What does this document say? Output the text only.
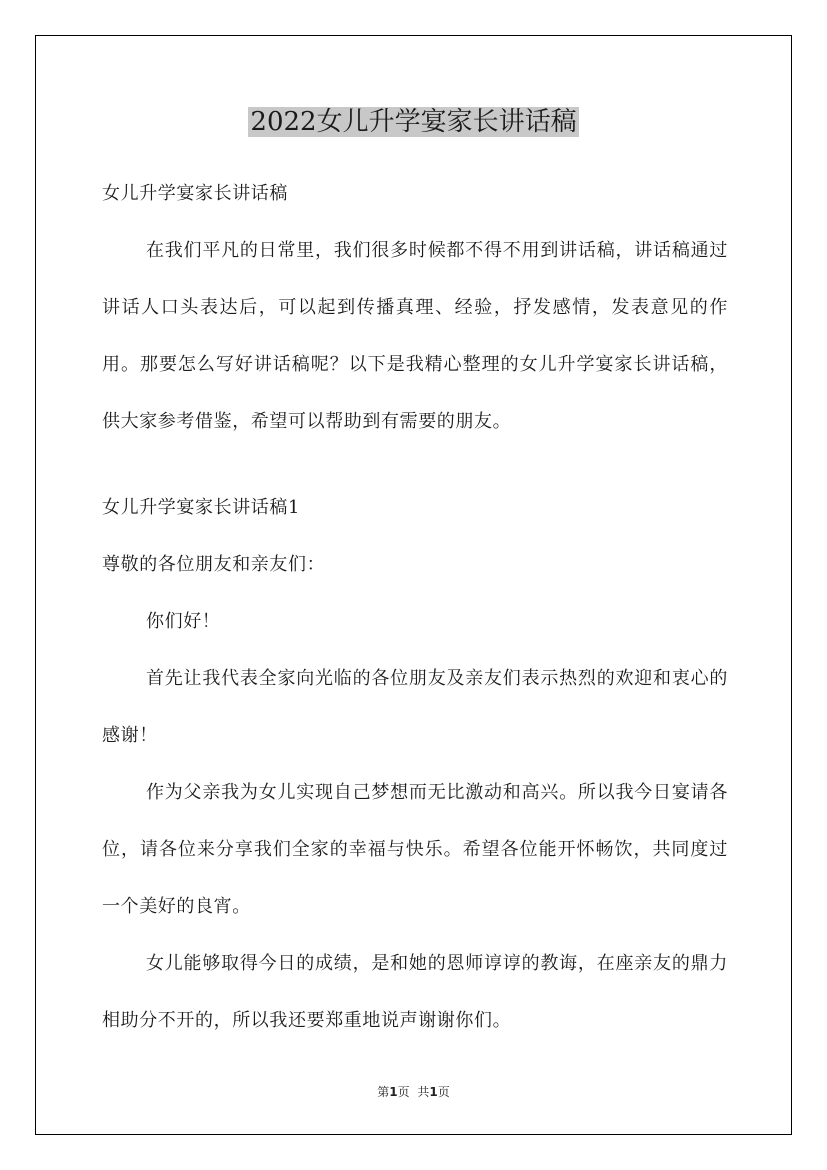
2022女儿升学宴家长讲话稿

女儿升学宴家长讲话稿

在我们平凡的日常里，我们很多时候都不得不用到讲话稿，讲话稿通过讲话人口头表达后，可以起到传播真理、经验，抒发感情，发表意见的作用。那要怎么写好讲话稿呢？以下是我精心整理的女儿升学宴家长讲话稿，供大家参考借鉴，希望可以帮助到有需要的朋友。

女儿升学宴家长讲话稿1

尊敬的各位朋友和亲友们：

你们好！

首先让我代表全家向光临的各位朋友及亲友们表示热烈的欢迎和衷心的感谢！

作为父亲我为女儿实现自己梦想而无比激动和高兴。所以我今日宴请各位，请各位来分享我们全家的幸福与快乐。希望各位能开怀畅饮，共同度过一个美好的良宵。

女儿能够取得今日的成绩，是和她的恩师谆谆的教诲，在座亲友的鼎力相助分不开的，所以我还要郑重地说声谢谢你们。

第1页 共1页
